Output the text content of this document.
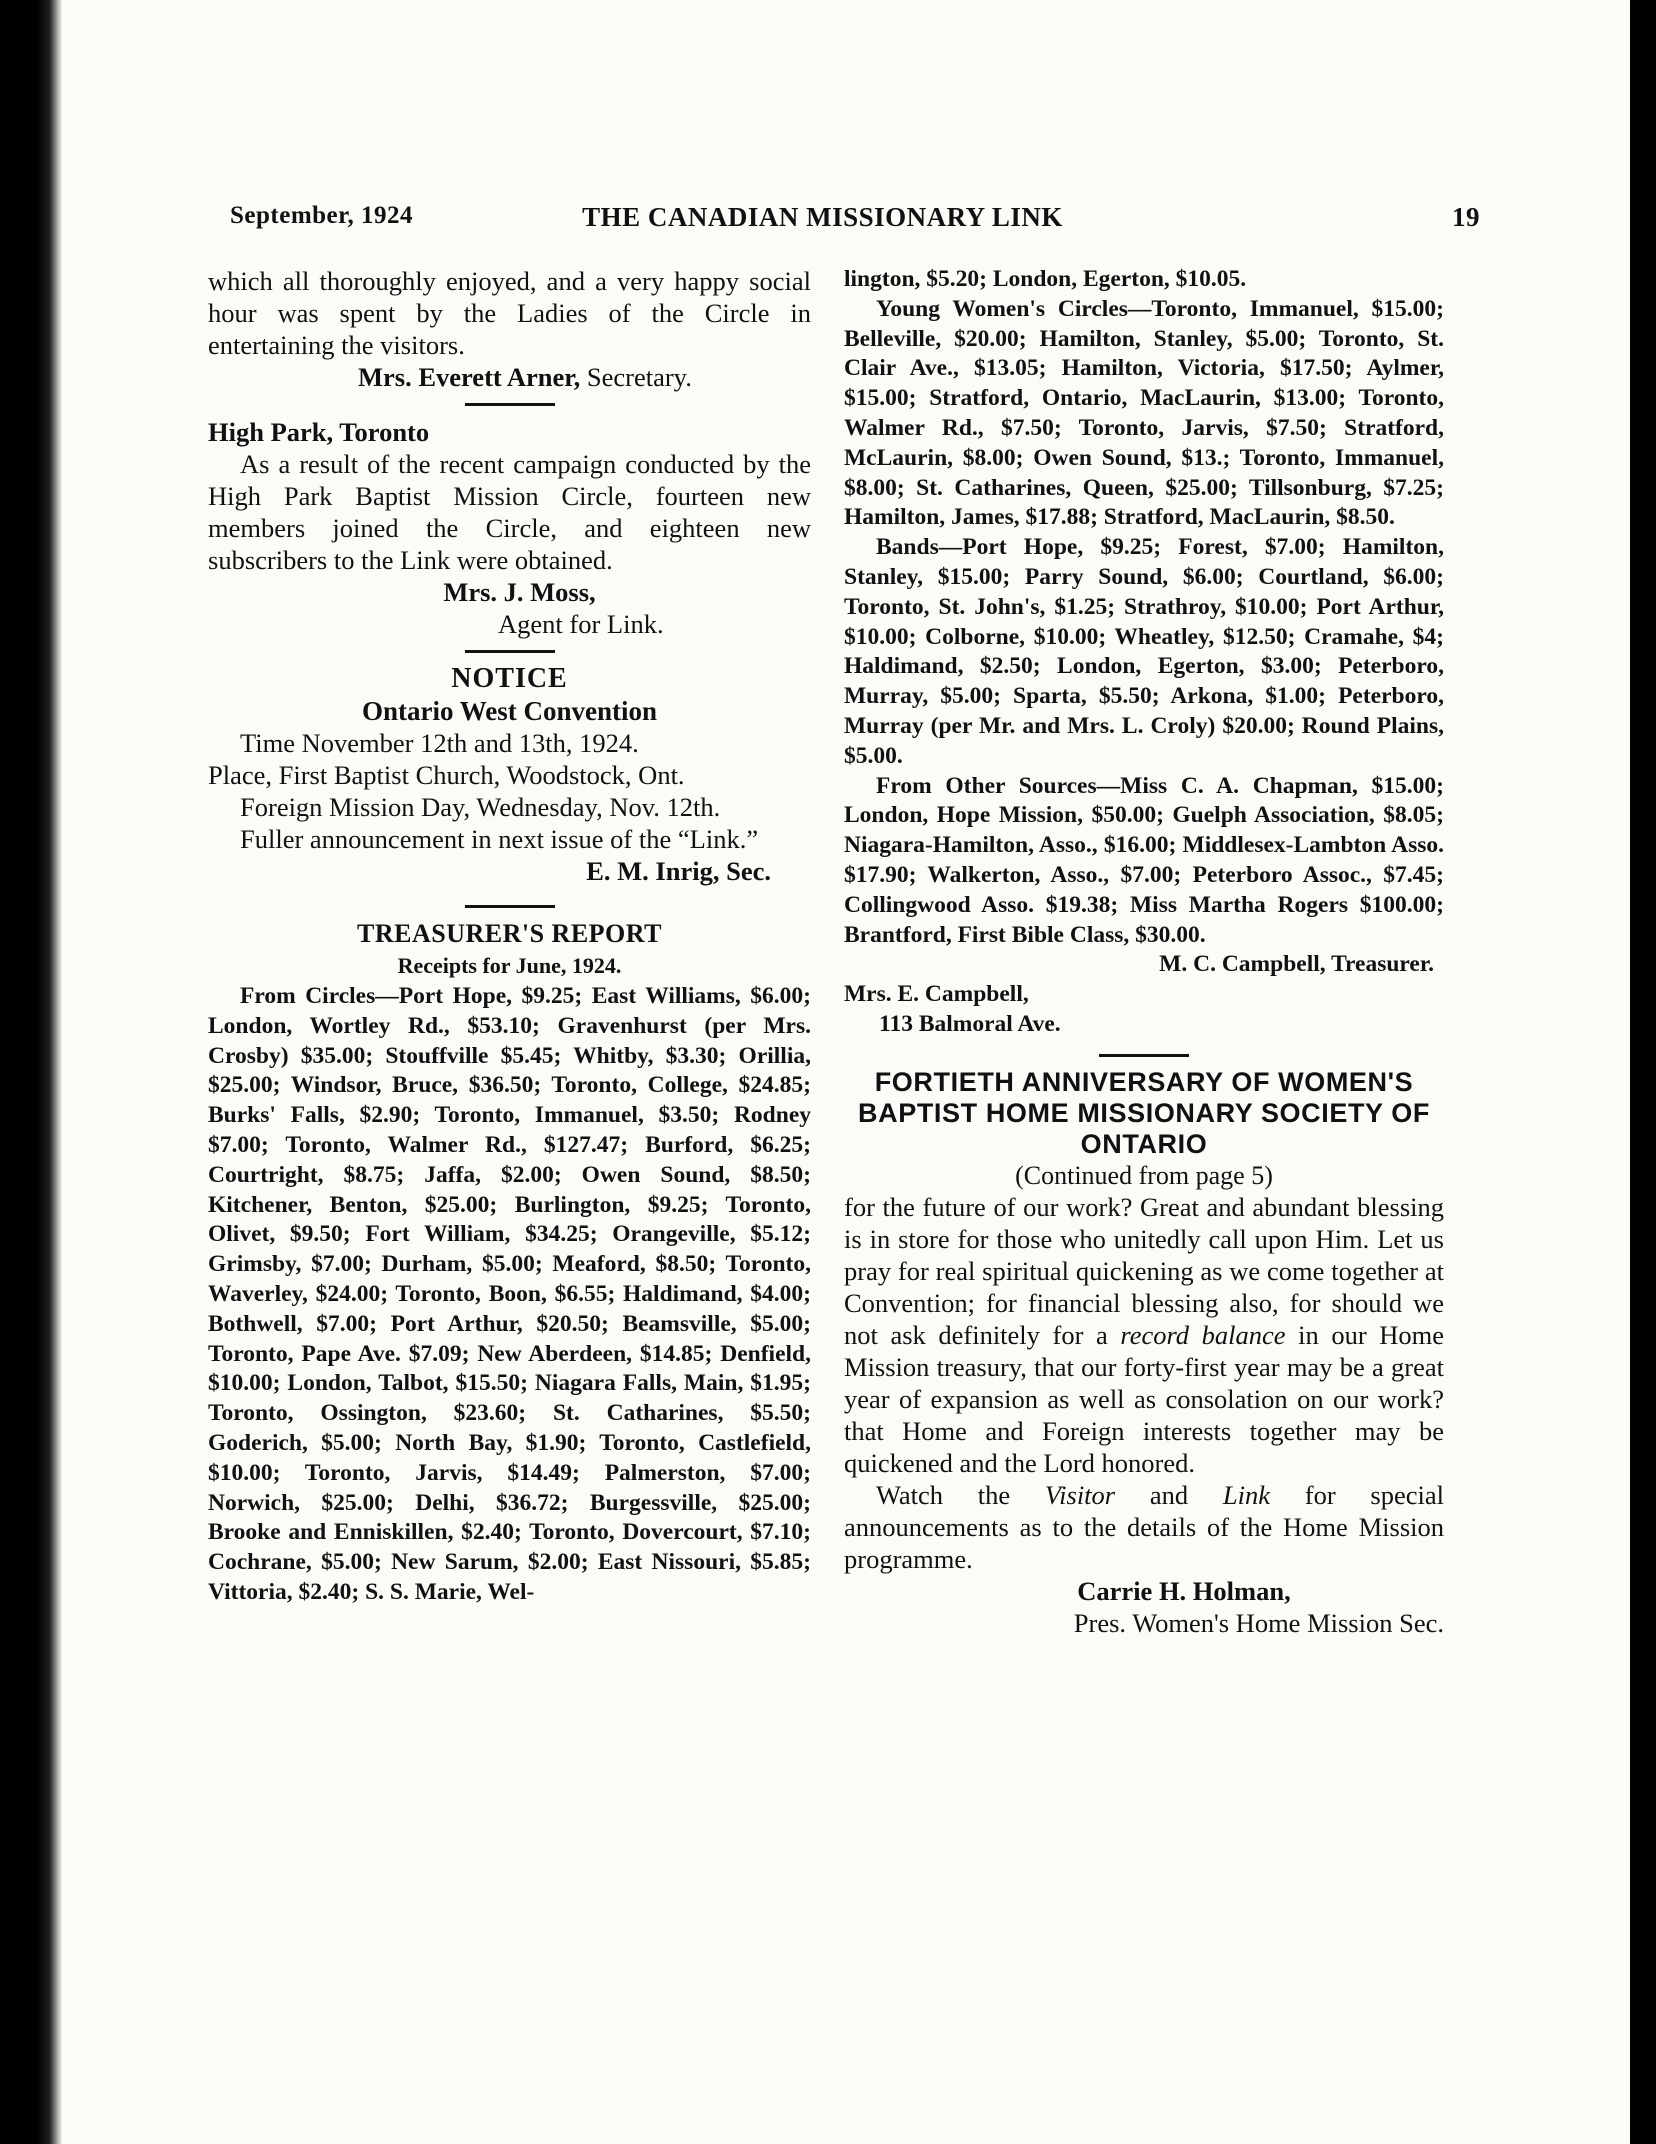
September, 1924	THE CANADIAN MISSIONARY LINK	19

which all thoroughly enjoyed, and a very happy social hour was spent by the Ladies of the Circle in entertaining the visitors.

Mrs. Everett Arner, Secretary.

High Park, Toronto

As a result of the recent campaign conducted by the High Park Baptist Mission Circle, fourteen new members joined the Circle, and eighteen new subscribers to the Link were obtained.

Mrs. J. Moss,

Agent for Link.

NOTICE

Ontario West Convention

Time November 12th and 13th, 1924.

Place, First Baptist Church, Woodstock, Ont.

Foreign Mission Day, Wednesday, Nov. 12th.

Fuller announcement in next issue of the “Link.”

E. M. Inrig, Sec.

TREASURER'S REPORT

Receipts for June, 1924.

From Circles—Port Hope, $9.25; East Williams, $6.00; London, Wortley Rd., $53.10; Gravenhurst (per Mrs. Crosby) $35.00; Stouffville $5.45; Whitby, $3.30; Orillia, $25.00; Windsor, Bruce, $36.50; Toronto, College, $24.85; Burks' Falls, $2.90; Toronto, Immanuel, $3.50; Rodney $7.00; Toronto, Walmer Rd., $127.47; Burford, $6.25; Courtright, $8.75; Jaffa, $2.00; Owen Sound, $8.50; Kitchener, Benton, $25.00; Burlington, $9.25; Toronto, Olivet, $9.50; Fort William, $34.25; Orangeville, $5.12; Grimsby, $7.00; Durham, $5.00; Meaford, $8.50; Toronto, Waverley, $24.00; Toronto, Boon, $6.55; Haldimand, $4.00; Bothwell, $7.00; Port Arthur, $20.50; Beamsville, $5.00; Toronto, Pape Ave. $7.09; New Aberdeen, $14.85; Denfield, $10.00; London, Talbot, $15.50; Niagara Falls, Main, $1.95; Toronto, Ossington, $23.60; St. Catharines, $5.50; Goderich, $5.00; North Bay, $1.90; Toronto, Castlefield, $10.00; Toronto, Jarvis, $14.49; Palmerston, $7.00; Norwich, $25.00; Delhi, $36.72; Burgessville, $25.00; Brooke and Enniskillen, $2.40; Toronto, Dovercourt, $7.10; Cochrane, $5.00; New Sarum, $2.00; East Nissouri, $5.85; Vittoria, $2.40; S. S. Marie, Wel-

lington, $5.20; London, Egerton, $10.05.

Young Women's Circles—Toronto, Immanuel, $15.00; Belleville, $20.00; Hamilton, Stanley, $5.00; Toronto, St. Clair Ave., $13.05; Hamilton, Victoria, $17.50; Aylmer, $15.00; Stratford, Ontario, MacLaurin, $13.00; Toronto, Walmer Rd., $7.50; Toronto, Jarvis, $7.50; Stratford, McLaurin, $8.00; Owen Sound, $13.; Toronto, Immanuel, $8.00; St. Catharines, Queen, $25.00; Tillsonburg, $7.25; Hamilton, James, $17.88; Stratford, MacLaurin, $8.50.

Bands—Port Hope, $9.25; Forest, $7.00; Hamilton, Stanley, $15.00; Parry Sound, $6.00; Courtland, $6.00; Toronto, St. John's, $1.25; Strathroy, $10.00; Port Arthur, $10.00; Colborne, $10.00; Wheatley, $12.50; Cramahe, $4; Haldimand, $2.50; London, Egerton, $3.00; Peterboro, Murray, $5.00; Sparta, $5.50; Arkona, $1.00; Peterboro, Murray (per Mr. and Mrs. L. Croly) $20.00; Round Plains, $5.00.

From Other Sources—Miss C. A. Chapman, $15.00; London, Hope Mission, $50.00; Guelph Association, $8.05; Niagara-Hamilton, Asso., $16.00; Middlesex-Lambton Asso. $17.90; Walkerton, Asso., $7.00; Peterboro Assoc., $7.45; Collingwood Asso. $19.38; Miss Martha Rogers $100.00; Brantford, First Bible Class, $30.00.

M. C. Campbell, Treasurer.

Mrs. E. Campbell,

113 Balmoral Ave.

FORTIETH ANNIVERSARY OF WOMEN'S BAPTIST HOME MISSIONARY SOCIETY OF ONTARIO

(Continued from page 5)

for the future of our work? Great and abundant blessing is in store for those who unitedly call upon Him. Let us pray for real spiritual quickening as we come together at Convention; for financial blessing also, for should we not ask definitely for a record balance in our Home Mission treasury, that our forty-first year may be a great year of expansion as well as consolation on our work? that Home and Foreign interests together may be quickened and the Lord honored.

Watch the Visitor and Link for special announcements as to the details of the Home Mission programme.

Carrie H. Holman,

Pres. Women's Home Mission Sec.
